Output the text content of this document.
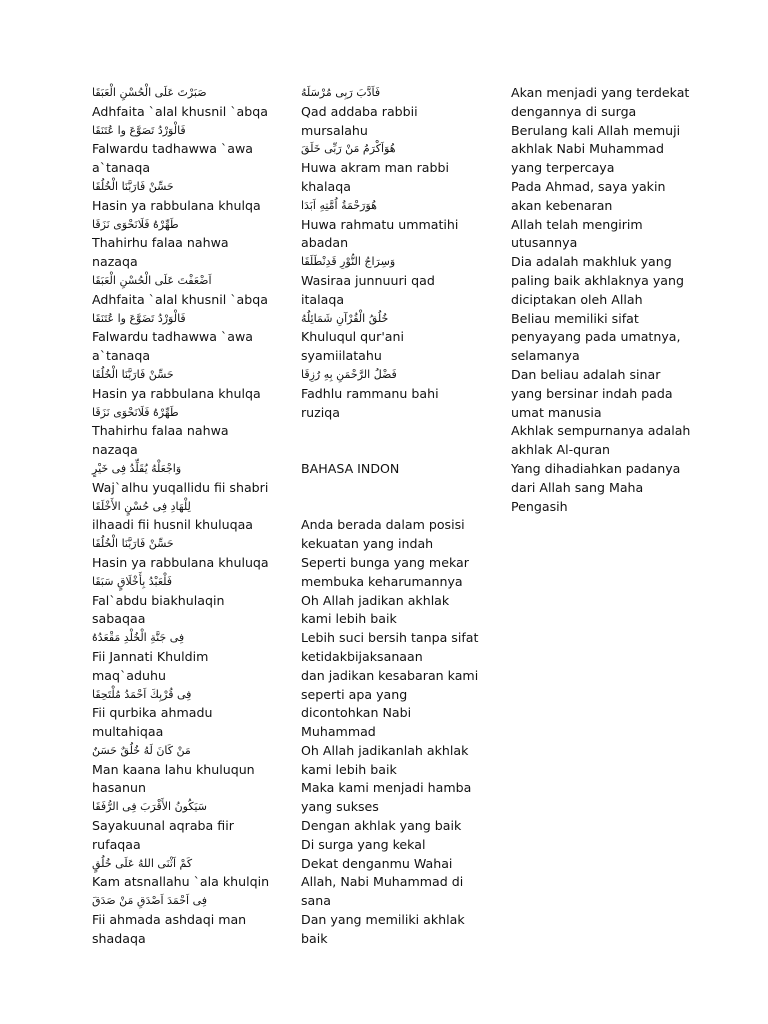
صَبَرْتَ عَلَى الْحُسْنِ الْعَبَقَا
Adhfaita `alal khusnil `abqa
فَالْوَرْدُ تَصَوَّعَ وا عُتَنَقَا
Falwardu tadhawwa `awa
a`tanaqa
حَسِّنْ فَارَبَّنَا الْخُلُقَا
Hasin ya rabbulana khulqa
طَهِّرْهُ فَلَانَحْوَى نَزَقَا
Thahirhu falaa nahwa
nazaqa
اَضْعَفْتَ عَلَى الْحُسْنِ الْعَبَقَا
Adhfaita `alal khusnil `abqa
فَالْوَرْدُ تَضَوَّعَ وا عُتَنَقَا
Falwardu tadhawwa `awa
a`tanaqa
حَسِّنْ فَارَبَّنَا الْخُلُقَا
Hasin ya rabbulana khulqa
طَهِّرْهُ فَلَانَحْوَى نَزَقَا
Thahirhu falaa nahwa
nazaqa
وَاجْعَلْهُ يُقَلِّدُ فِى خَيْرٍ
Waj`alhu yuqallidu fii shabri
لِلْهَادِ فِى حُسْنٍ الأَخْلَقَا
ilhaadi fii husnil khuluqaa
حَسِّنْ فَارَبَّنَا الْخُلُقَا
Hasin ya rabbulana khuluqa
فَلْعَبْدُ بِأَخْلَاقٍ سَبَقَا
Fal`abdu biakhulaqin
sabaqaa
فِى جَنَّةِ الْخُلْدِ مَقْعَدُهُ
Fii Jannati Khuldim
maq`aduhu
فِى قُرْبِكَ اَحْمَدُ مُلْتَحِقَا
Fii qurbika ahmadu
multahiqaa
مَنْ كَانَ لَهُ خُلُقٌ حَسَنٌ
Man kaana lahu khuluqun
hasanun
سَيَكُونُ الأَقْرَبَ فِى الرُّفَقَا
Sayakuunal aqraba fiir
rufaqaa
كَمْ اَثْنَى اللهُ عَلَى خُلُقٍ
Kam atsnallahu `ala khulqin
فِى اَحْمَدَ اَصْدَقِ مَنْ صَدَقَ
Fii ahmada ashdaqi man
shadaqa
فَاَدَّبَ رَبِى مُرْسَلَهُ
Qad addaba rabbii
mursalahu
هُوَاَكْرَمُ مَنْ رَبِّى خَلَقَ
Huwa akram man rabbi
khalaqa
هُوَرَحْمَةُ اُمَّتِهِ اَبَدَا
Huwa rahmatu ummatihi
abadan
وَسِرَاجُ النُّوْرِ قَدِنْطَلَقَا
Wasiraa junnuuri qad
italaqa
خُلُقُ الْقُرْآنِ شَمَائِلُهُ
Khuluqul qur'ani
syamiilatahu
فَضْلُ الرَّحْمَنِ بِهِ رُزِقَا
Fadhlu rammanu bahi
ruziqa
BAHASA INDON
Anda berada dalam posisi
kekuatan yang indah
Seperti bunga yang mekar
membuka keharumannya
Oh Allah jadikan akhlak
kami lebih baik
Lebih suci bersih tanpa sifat
ketidakbijaksanaan
dan jadikan kesabaran kami
seperti apa yang
dicontohkan Nabi
Muhammad
Oh Allah jadikanlah akhlak
kami lebih baik
Maka kami menjadi hamba
yang sukses
Dengan akhlak yang baik
Di surga yang kekal
Dekat denganmu Wahai
Allah, Nabi Muhammad di
sana
Dan yang memiliki akhlak
baik
Akan menjadi yang terdekat
dengannya di surga
Berulang kali Allah memuji
akhlak Nabi Muhammad
yang terpercaya
Pada Ahmad, saya yakin
akan kebenaran
Allah telah mengirim
utusannya
Dia adalah makhluk yang
paling baik akhlaknya yang
diciptakan oleh Allah
Beliau memiliki sifat
penyayang pada umatnya,
selamanya
Dan beliau adalah sinar
yang bersinar indah pada
umat manusia
Akhlak sempurnanya adalah
akhlak Al-quran
Yang dihadiahkan padanya
dari Allah sang Maha
Pengasih
